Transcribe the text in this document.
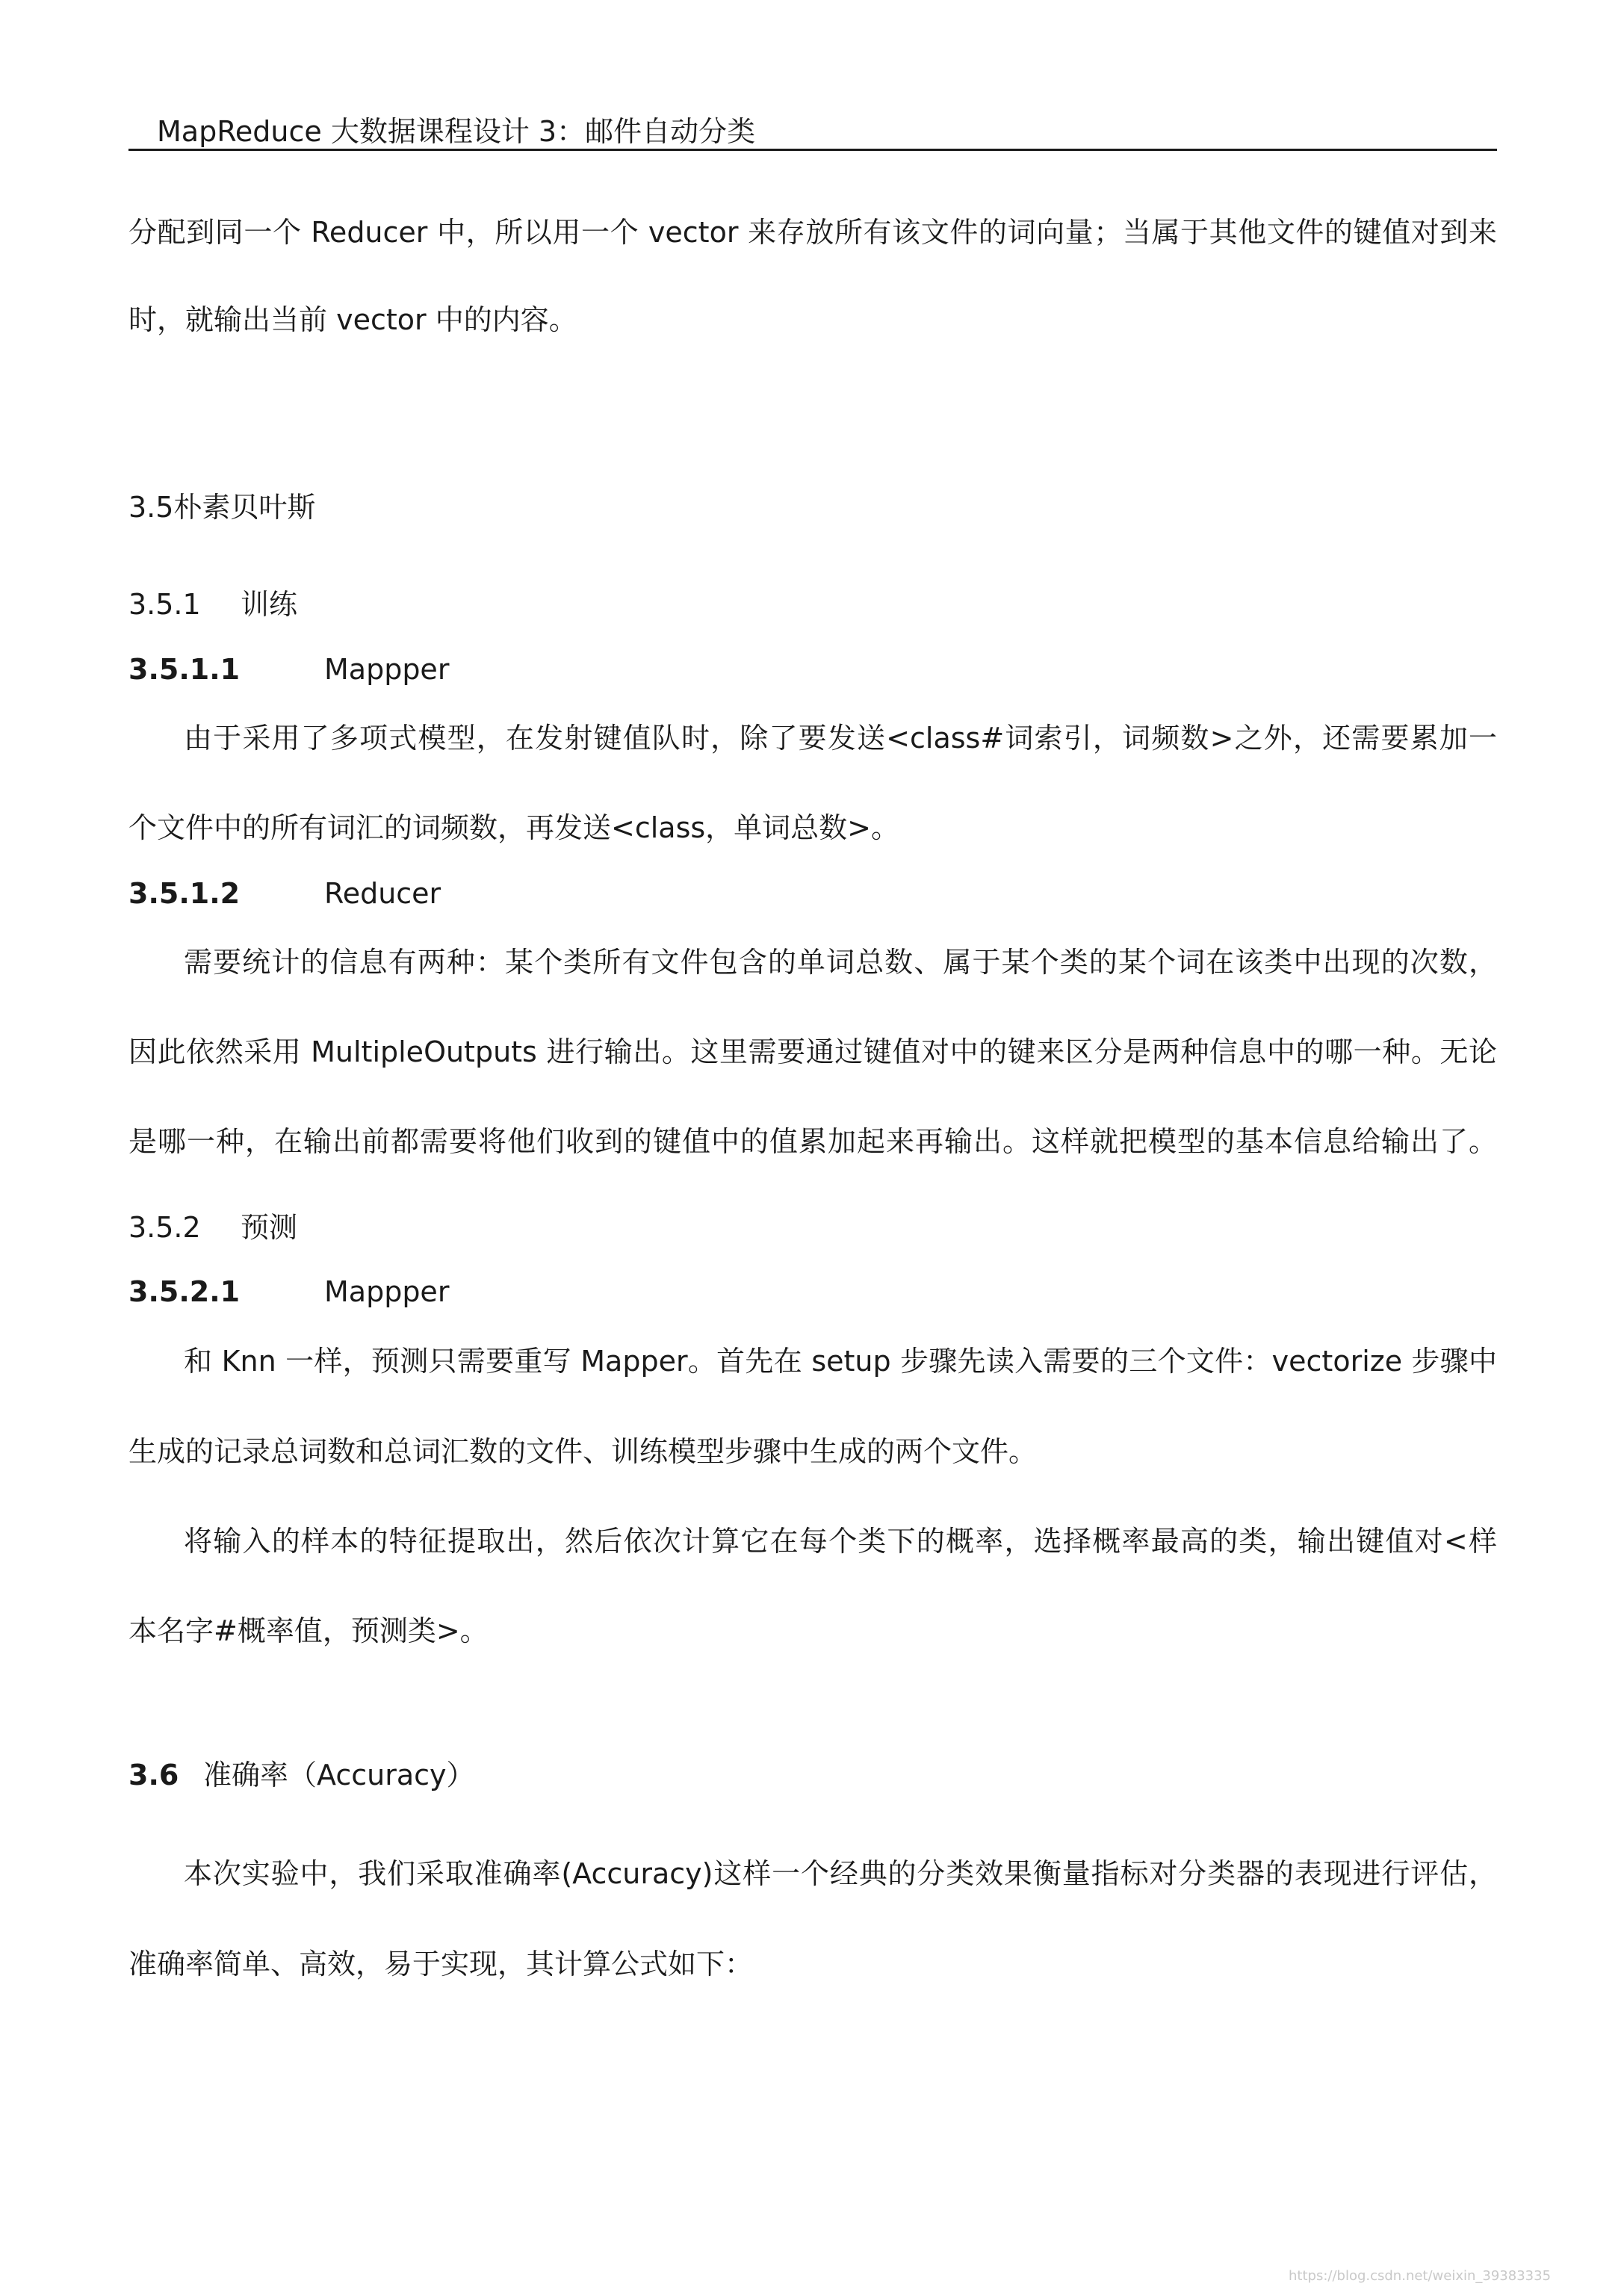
MapReduce 大数据课程设计 3：邮件自动分类
分配到同一个 Reducer 中，所以用一个 vector 来存放所有该文件的词向量；当属于其他文件的键值对到来
时，就输出当前 vector 中的内容。
3.5朴素贝叶斯
3.5.1 训练
3.5.1.1	Mappper
由于采用了多项式模型，在发射键值队时，除了要发送<class#词索引，词频数>之外，还需要累加一
个文件中的所有词汇的词频数，再发送<class，单词总数>。
3.5.1.2	Reducer
需要统计的信息有两种：某个类所有文件包含的单词总数、属于某个类的某个词在该类中出现的次数，
因此依然采用 MultipleOutputs 进行输出。这里需要通过键值对中的键来区分是两种信息中的哪一种。无论
是哪一种，在输出前都需要将他们收到的键值中的值累加起来再输出。这样就把模型的基本信息给输出了。
3.5.2 预测
3.5.2.1	Mappper
和 Knn 一样，预测只需要重写 Mapper。首先在 setup 步骤先读入需要的三个文件：vectorize 步骤中
生成的记录总词数和总词汇数的文件、训练模型步骤中生成的两个文件。
将输入的样本的特征提取出，然后依次计算它在每个类下的概率，选择概率最高的类，输出键值对<样
本名字#概率值，预测类>。
3.6 准确率（Accuracy）
本次实验中，我们采取准确率(Accuracy)这样一个经典的分类效果衡量指标对分类器的表现进行评估，
准确率简单、高效，易于实现，其计算公式如下：
https://blog.csdn.net/weixin_39383335
